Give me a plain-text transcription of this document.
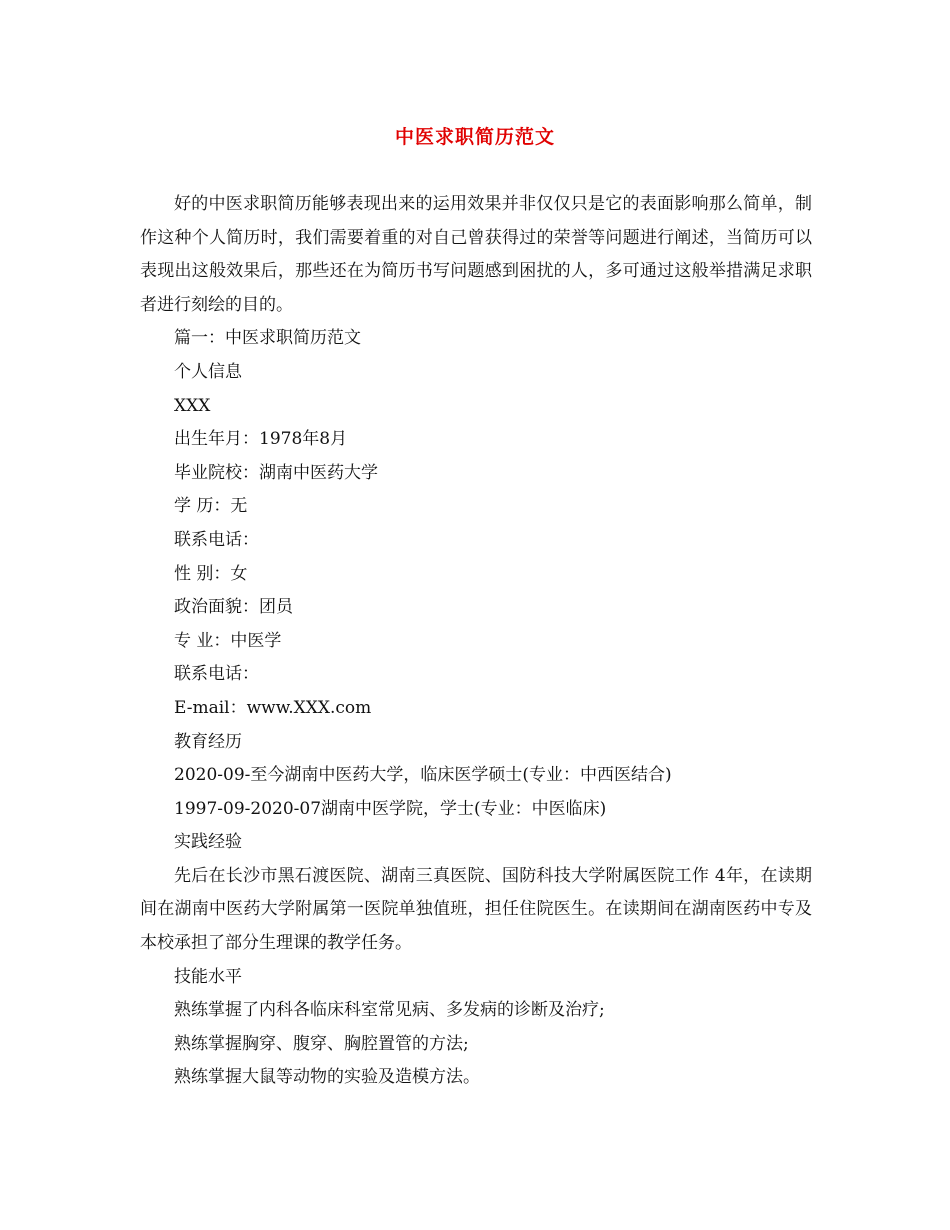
中医求职简历范文

好的中医求职简历能够表现出来的运用效果并非仅仅只是它的表面影响那么简单，制作这种个人简历时，我们需要着重的对自己曾获得过的荣誉等问题进行阐述，当简历可以表现出这般效果后，那些还在为简历书写问题感到困扰的人，多可通过这般举措满足求职者进行刻绘的目的。

篇一：中医求职简历范文

个人信息

XXX

出生年月：1978年8月

毕业院校：湖南中医药大学

学 历：无

联系电话：

性 别：女

政治面貌：团员

专 业：中医学

联系电话：

E-mail：www.XXX.com

教育经历

2020-09-至今湖南中医药大学，临床医学硕士(专业：中西医结合)

1997-09-2020-07湖南中医学院，学士(专业：中医临床)

实践经验

先后在长沙市黑石渡医院、湖南三真医院、国防科技大学附属医院工作 4年，在读期间在湖南中医药大学附属第一医院单独值班，担任住院医生。在读期间在湖南医药中专及本校承担了部分生理课的教学任务。

技能水平

熟练掌握了内科各临床科室常见病、多发病的诊断及治疗;

熟练掌握胸穿、腹穿、胸腔置管的方法;

熟练掌握大鼠等动物的实验及造模方法。
